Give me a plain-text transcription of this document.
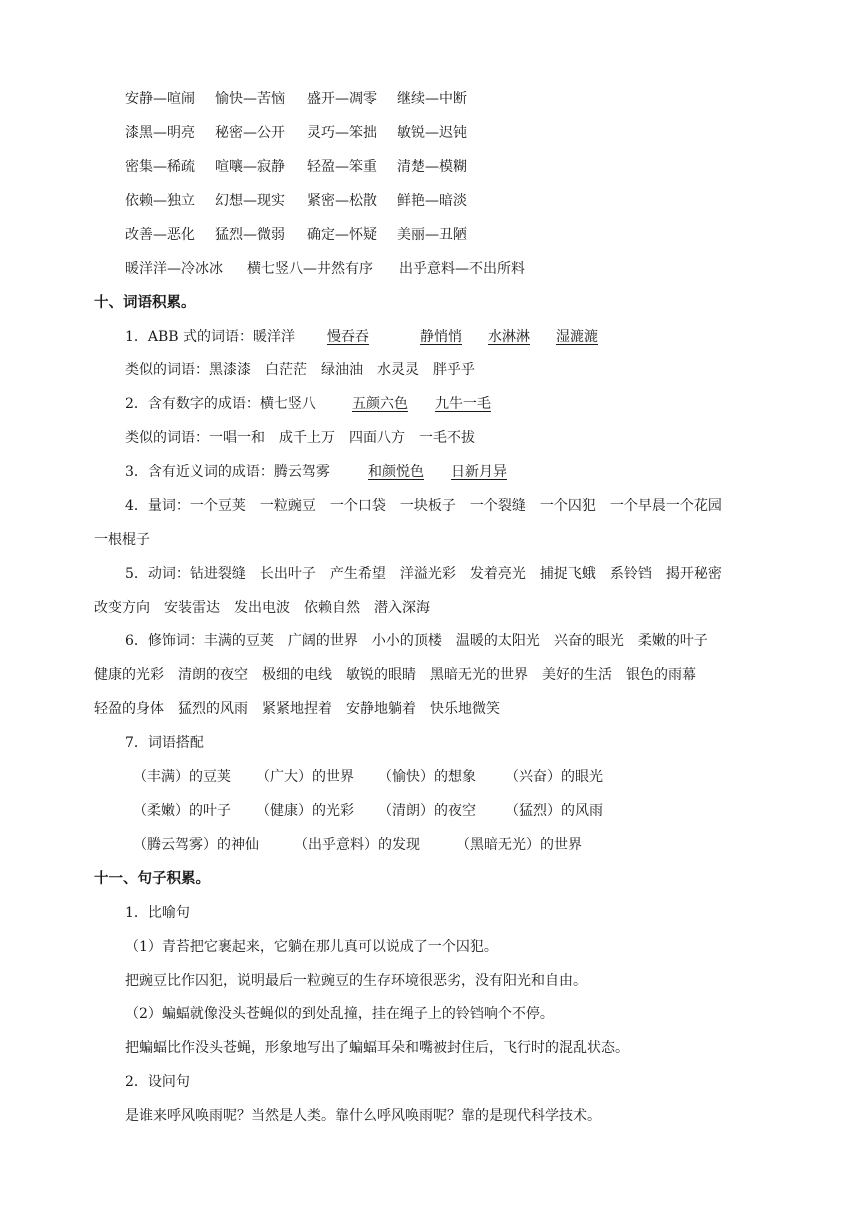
安静—喧闹 愉快—苦恼 盛开—凋零 继续—中断
漆黑—明亮 秘密—公开 灵巧—笨拙 敏锐—迟钝
密集—稀疏 喧嚷—寂静 轻盈—笨重 清楚—模糊
依赖—独立 幻想—现实 紧密—松散 鲜艳—暗淡
改善—恶化 猛烈—微弱 确定—怀疑 美丽—丑陋
暖洋洋—冷冰冰 横七竖八—井然有序 出乎意料—不出所料
十、词语积累。
1．ABB 式的词语：暖洋洋 慢吞吞	静悄悄 水淋淋 湿漉漉
类似的词语：黑漆漆　白茫茫　绿油油　水灵灵　胖乎乎
2．含有数字的成语：横七竖八	五颜六色 九牛一毛
类似的词语：一唱一和　成千上万　四面八方　一毛不拔
3．含有近义词的成语：腾云驾雾	和颜悦色 日新月异
4．量词：一个豆荚　一粒豌豆　一个口袋　一块板子　一个裂缝　一个囚犯　一个早晨一个花园
一根棍子
5．动词：钻进裂缝　长出叶子　产生希望　洋溢光彩　发着亮光　捕捉飞蛾　系铃铛　揭开秘密
改变方向　安装雷达　发出电波　依赖自然　潜入深海
6．修饰词：丰满的豆荚　广阔的世界　小小的顶楼　温暖的太阳光　兴奋的眼光　柔嫩的叶子
健康的光彩　清朗的夜空　极细的电线　敏锐的眼睛　黑暗无光的世界　美好的生活　银色的雨幕
轻盈的身体　猛烈的风雨　紧紧地捏着　安静地躺着　快乐地微笑
7．词语搭配
（丰满）的豆荚 （广大）的世界 （愉快）的想象 （兴奋）的眼光
（柔嫩）的叶子 （健康）的光彩 （清朗）的夜空 （猛烈）的风雨
（腾云驾雾）的神仙	（出乎意料）的发现	（黑暗无光）的世界
十一、句子积累。
1．比喻句
（1）青苔把它裹起来，它躺在那儿真可以说成了一个囚犯。
把豌豆比作囚犯，说明最后一粒豌豆的生存环境很恶劣，没有阳光和自由。
（2）蝙蝠就像没头苍蝇似的到处乱撞，挂在绳子上的铃铛响个不停。
把蝙蝠比作没头苍蝇，形象地写出了蝙蝠耳朵和嘴被封住后，飞行时的混乱状态。
2．设问句
是谁来呼风唤雨呢？当然是人类。靠什么呼风唤雨呢？靠的是现代科学技术。
